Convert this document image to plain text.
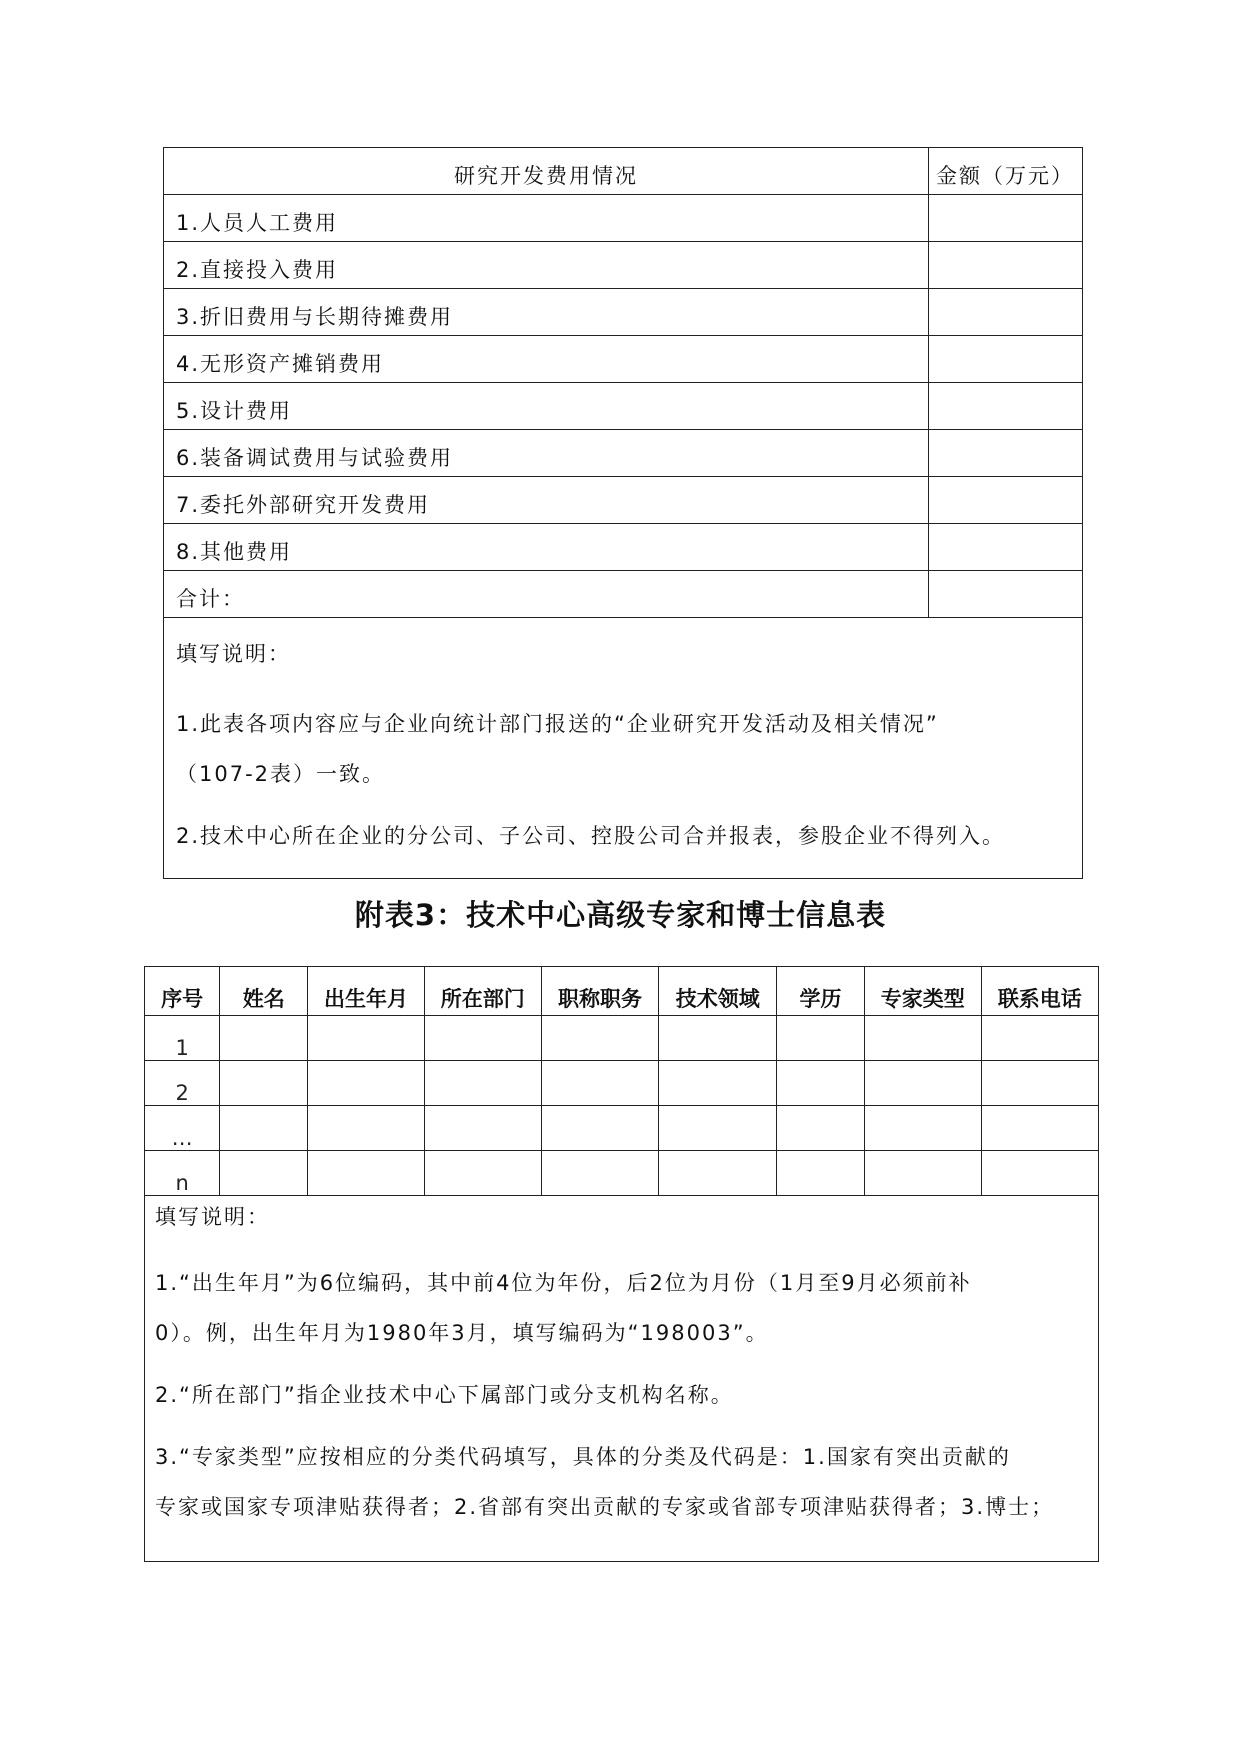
研究开发费用情况	金额（万元）
1.人员人工费用
2.直接投入费用
3.折旧费用与长期待摊费用
4.无形资产摊销费用
5.设计费用
6.装备调试费用与试验费用
7.委托外部研究开发费用
8.其他费用
合计：
填写说明：
1.此表各项内容应与企业向统计部门报送的“企业研究开发活动及相关情况”
（107-2表）一致。
2.技术中心所在企业的分公司、子公司、控股公司合并报表，参股企业不得列入。
附表3：技术中心高级专家和博士信息表
序号	姓名	出生年月	所在部门	职称职务	技术领域	学历	专家类型	联系电话
1								
2								
…								
n								
填写说明：
1.“出生年月”为6位编码，其中前4位为年份，后2位为月份（1月至9月必须前补
0）。例，出生年月为1980年3月，填写编码为“198003”。
2.“所在部门”指企业技术中心下属部门或分支机构名称。
3.“专家类型”应按相应的分类代码填写，具体的分类及代码是：1.国家有突出贡献的
专家或国家专项津贴获得者；2.省部有突出贡献的专家或省部专项津贴获得者；3.博士；
